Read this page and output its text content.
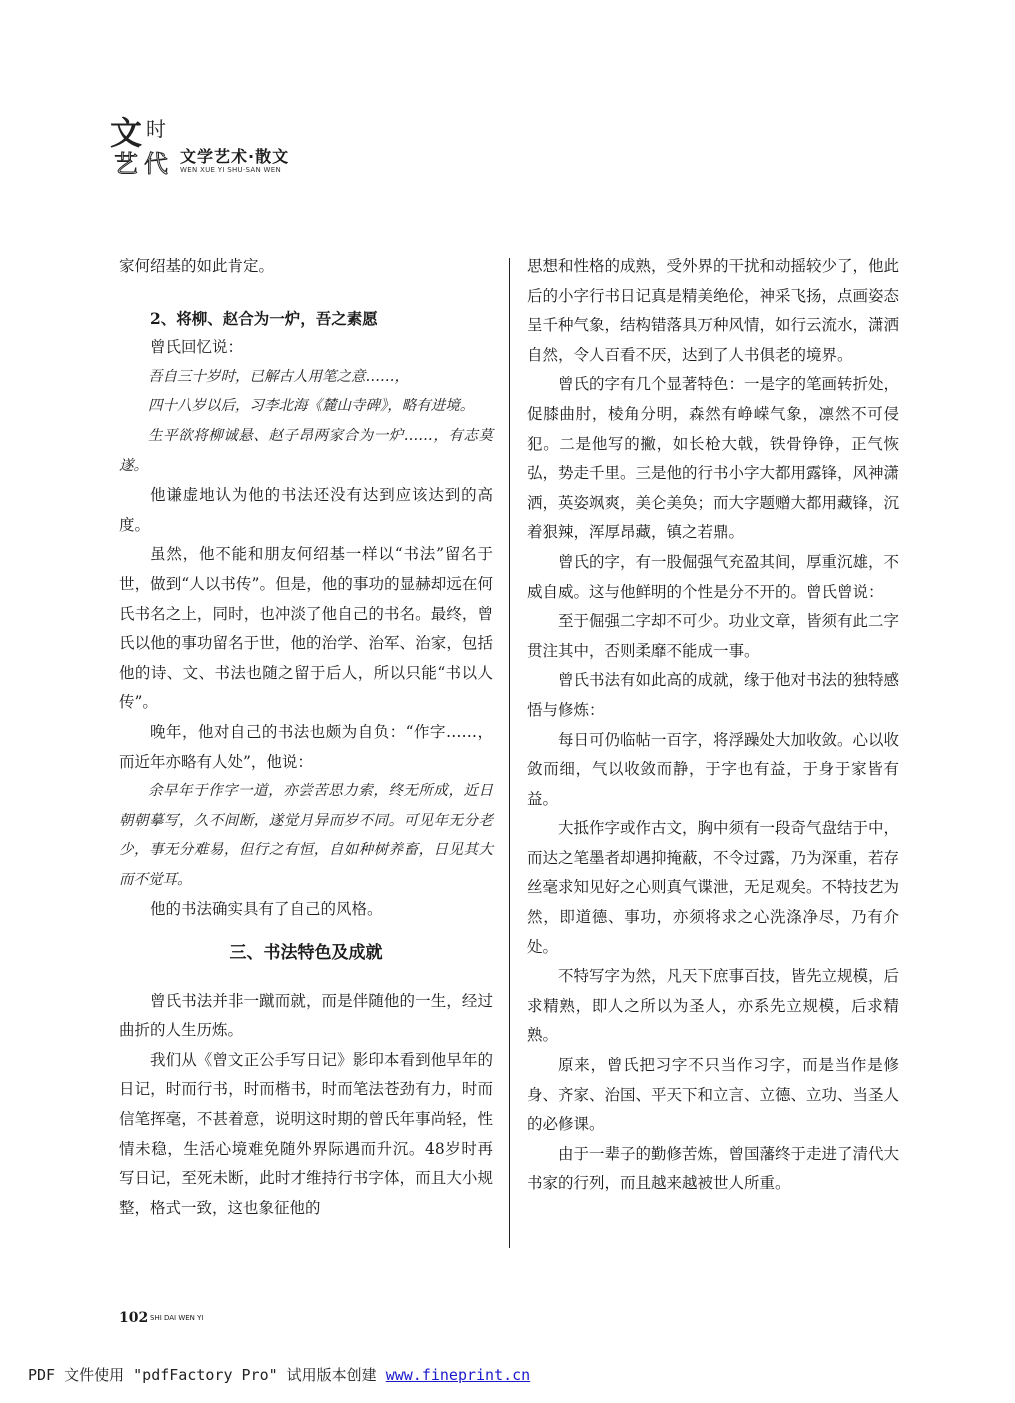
文 时
艺 代 文学艺术·散文
WEN XUE YI SHU·SAN WEN

家何绍基的如此肯定。

2、将柳、赵合为一炉，吾之素愿

曾氏回忆说：

吾自三十岁时，已解古人用笔之意……，

四十八岁以后，习李北海《麓山寺碑》，略有进境。

生平欲将柳诚悬、赵子昂两家合为一炉……，有志莫遂。

他谦虚地认为他的书法还没有达到应该达到的高度。

虽然，他不能和朋友何绍基一样以“书法”留名于世，做到“人以书传”。但是，他的事功的显赫却远在何氏书名之上，同时，也冲淡了他自己的书名。最终，曾氏以他的事功留名于世，他的治学、治军、治家，包括他的诗、文、书法也随之留于后人，所以只能“书以人传”。

晚年，他对自己的书法也颇为自负：“作字……，而近年亦略有人处”，他说：

余早年于作字一道，亦尝苦思力索，终无所成，近日朝朝摹写，久不间断，遂觉月异而岁不同。可见年无分老少，事无分难易，但行之有恒，自如种树养畜，日见其大而不觉耳。

他的书法确实具有了自己的风格。

三、书法特色及成就

曾氏书法并非一蹴而就，而是伴随他的一生，经过曲折的人生历炼。

我们从《曾文正公手写日记》影印本看到他早年的日记，时而行书，时而楷书，时而笔法苍劲有力，时而信笔挥毫，不甚着意，说明这时期的曾氏年事尚轻，性情未稳，生活心境难免随外界际遇而升沉。48岁时再写日记，至死未断，此时才维持行书字体，而且大小规整，格式一致，这也象征他的

思想和性格的成熟，受外界的干扰和动摇较少了，他此后的小字行书日记真是精美绝伦，神采飞扬，点画姿态呈千种气象，结构错落具万种风情，如行云流水，潇洒自然，令人百看不厌，达到了人书俱老的境界。

曾氏的字有几个显著特色：一是字的笔画转折处，促膝曲肘，棱角分明，森然有峥嵘气象，凛然不可侵犯。二是他写的撇，如长枪大戟，铁骨铮铮，正气恢弘，势走千里。三是他的行书小字大都用露锋，风神潇洒，英姿飒爽，美仑美奂；而大字题赠大都用藏锋，沉着狠辣，浑厚昂藏，镇之若鼎。

曾氏的字，有一股倔强气充盈其间，厚重沉雄，不威自威。这与他鲜明的个性是分不开的。曾氏曾说：

至于倔强二字却不可少。功业文章，皆须有此二字贯注其中，否则柔靡不能成一事。

曾氏书法有如此高的成就，缘于他对书法的独特感悟与修炼：

每日可仍临帖一百字，将浮躁处大加收敛。心以收敛而细，气以收敛而静，于字也有益，于身于家皆有益。

大抵作字或作古文，胸中须有一段奇气盘结于中，而达之笔墨者却遇抑掩蔽，不令过露，乃为深重，若存丝毫求知见好之心则真气谍泄，无足观矣。不特技艺为然，即道德、事功，亦须将求之心洗涤净尽，乃有介处。

不特写字为然，凡天下庶事百技，皆先立规模，后求精熟，即人之所以为圣人，亦系先立规模，后求精熟。

原来，曾氏把习字不只当作习字，而是当作是修身、齐家、治国、平天下和立言、立德、立功、当圣人的必修课。

由于一辈子的勤修苦炼，曾国藩终于走进了清代大书家的行列，而且越来越被世人所重。

102 SHI DAI WEN YI
PDF 文件使用 "pdfFactory Pro" 试用版本创建 www.fineprint.cn
